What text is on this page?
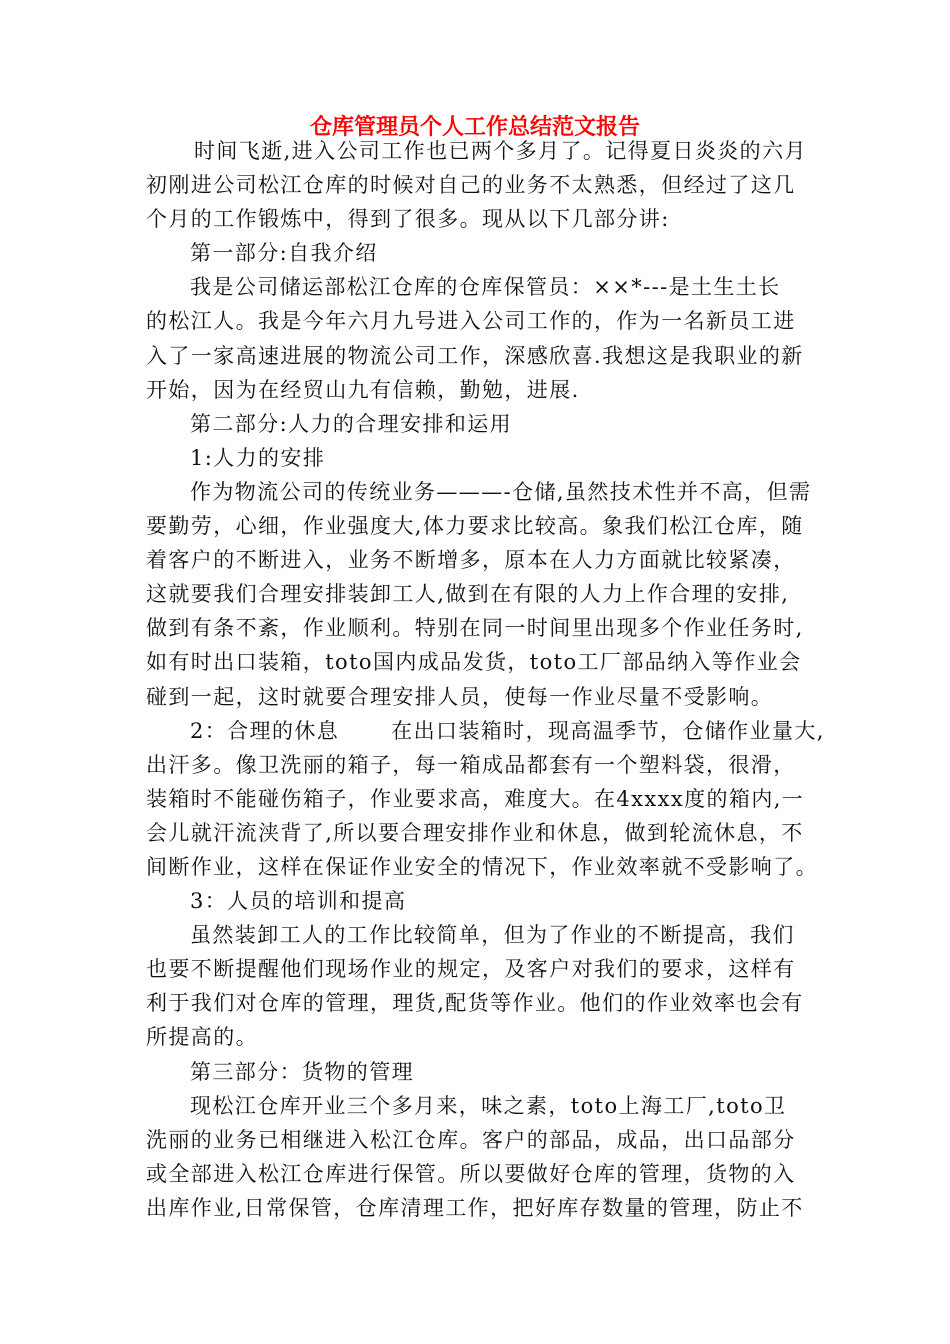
仓库管理员个人工作总结范文报告
时间飞逝,进入公司工作也已两个多月了。记得夏日炎炎的六月
初刚进公司松江仓库的时候对自己的业务不太熟悉，但经过了这几
个月的工作锻炼中，得到了很多。现从以下几部分讲:
第一部分:自我介绍
我是公司储运部松江仓库的仓库保管员：××*---是土生土长
的松江人。我是今年六月九号进入公司工作的，作为一名新员工进
入了一家高速进展的物流公司工作，深感欣喜.我想这是我职业的新
开始，因为在经贸山九有信赖，勤勉，进展.
第二部分:人力的合理安排和运用
1:人力的安排
作为物流公司的传统业务———-仓储,虽然技术性并不高，但需
要勤劳，心细，作业强度大,体力要求比较高。象我们松江仓库，随
着客户的不断进入，业务不断增多，原本在人力方面就比较紧凑，
这就要我们合理安排装卸工人,做到在有限的人力上作合理的安排,
做到有条不紊，作业顺利。特别在同一时间里出现多个作业任务时,
如有时出口装箱，toto国内成品发货，toto工厂部品纳入等作业会
碰到一起，这时就要合理安排人员，使每一作业尽量不受影响。
2：合理的休息 在出口装箱时，现高温季节，仓储作业量大,
出汗多。像卫洗丽的箱子，每一箱成品都套有一个塑料袋，很滑，
装箱时不能碰伤箱子，作业要求高，难度大。在4xxxx度的箱内,一
会儿就汗流浃背了,所以要合理安排作业和休息，做到轮流休息，不
间断作业，这样在保证作业安全的情况下，作业效率就不受影响了。
3：人员的培训和提高
虽然装卸工人的工作比较简单，但为了作业的不断提高，我们
也要不断提醒他们现场作业的规定，及客户对我们的要求，这样有
利于我们对仓库的管理，理货,配货等作业。他们的作业效率也会有
所提高的。
第三部分：货物的管理
现松江仓库开业三个多月来，味之素，toto上海工厂,toto卫
洗丽的业务已相继进入松江仓库。客户的部品，成品，出口品部分
或全部进入松江仓库进行保管。所以要做好仓库的管理，货物的入
出库作业,日常保管，仓库清理工作，把好库存数量的管理，防止不
